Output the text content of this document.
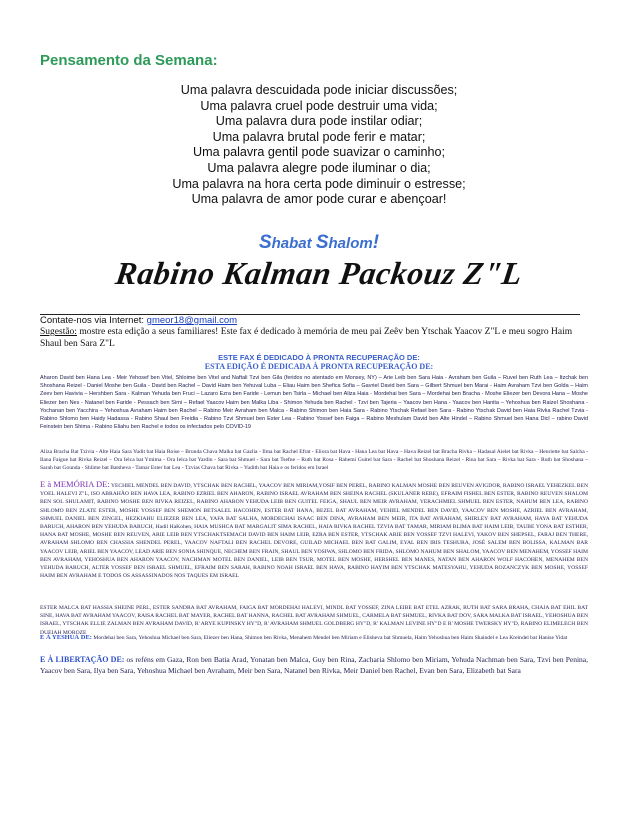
Pensamento da Semana:
Uma palavra descuidada pode iniciar discussões;
Uma palavra cruel pode destruir uma vida;
Uma palavra dura pode instilar odiar;
Uma palavra brutal pode ferir e matar;
Uma palavra gentil pode suavizar o caminho;
Uma palavra alegre pode iluminar o dia;
Uma palavra na hora certa pode diminuir o estresse;
Uma palavra de amor pode curar e abençoar!
Shabat Shalom!
Rabino Kalman Packouz Z"L
Contate-nos via Internet: gmeor18@gmail.com
Sugestão: mostre esta edição a seus familiares! Este fax é dedicado à memória de meu pai Zeêv ben Ytschak Yaacov Z"L e meu sogro Haim Shaul ben Sara Z"L
ESTE FAX É DEDICADO À PRONTA RECUPERAÇÃO DE:
ESTA EDIÇÃO É DEDICADA À PRONTA RECUPERAÇÃO DE:
Aharon David ben Hana Lea - Meir Yehosef ben Vitel, Shloime ben Vitel and Naftali Tzvi ben Gila (feridos no atentado em Monsey, NY) – Arie Leib ben Sara Haia - Avraham ben Guila – Ruvel ben Ruth Lea – Itzchak ben Shoshana Reizel - Daniel Moshe ben Guila - David ben Rachel – David Haim ben Yehuval Luba – Eliau Haim ben Shefica Sofia – Gavriel David ben Sara – Gilbert Shmuel ben Marai - Haim Avraham Tzvi ben Golda – Haim Zeev ben Havivia – Hershben Sara - Kalman Yehuda ben Fruci – Lazaro Ezra ben Faride - Lemun ben Tsirla – Michael ben Aliza Haia - Mordehai ben Sara – Mordehai ben Bracha - Moshe Eliezer ben Devora Hana – Moshe Eliezer ben Nes - Natanel ben Faride - Pessach ben Simi – Refael Yaacov Haim ben Malka Liba - Shimon Yehuda ben Rachel - Tzvi ben Tajeria – Yaacov ben Hana - Yaacov ben Hanita – Yehoshua ben Raizel Shoshana - Yochanan ben Yacchira – Yehoshua Avraham Haim ben Rachel – Rabino Meir Avraham ben Malca - Rabino Shimon ben Haia Sara - Rabino Ytschak Refael ben Sara - Rabino Ytschak David ben Haia Rivka Rachel Tzvia - Rabino Shlomo ben Haidy Hadassa - Rabino Shaul ben Freidia - Rabino Tzvi Shmuel ben Ester Lea - Rabino Yossef ben Faiga – Rabino Meshulam David ben Alte Hindel – Rabino Shmuel ben Hana Dicl – rabino David Feinstein ben Shima - Rabino Eliahu ben Rachel e todos os infectados pelo COVID-19
Aliza Bracha Bat Tzivia - Alte Haia Sara Yudit bat Haia Roise – Brunda Chava Malka bat Gazlia - Ilma bat Rachel Efrat - Eliora bat Hava - Hana Lea bat Hava – Hava Reizel bat Bracha Rivka – Hadasal Aielet bat Rivka – Henriette bat Salcha - Ilana Faigue bat Rivka Reizel – Ora Ielca bat Ymima - Ora Ielca bat Yardin - Sara bat Shmuel - Sara bat Tsefne – Ruth bat Rosa - Rahemi Guitel bat Sara - Rachel bat Shoshana Reizel - Rina bat Sara – Rivka bat Sara - Ruth bat Shoshana – Sarah bat Gounda - Shlime bat Batsheva - Tamar Ester bat Lea - Tzvias Chava bat Rivka – Yudith bat Haia e os feridos em Israel
E à MEMÓRIA DE: YECHIEL MENDEL BEN DAVID, YTSCHAK BEN RACHEL, YAACOV BEN MIRIAM,YOSIF BEN PEREL, RABINO KALMAN MOSHE BEN REUVEN AVIGDOR, RABINO ISRAEL YEHEZKEL BEN YOEL HALEVI Z"L, ISO ABRAHÃO BEN HAVA LEA, RABINO EZRIEL BEN AHARON, RABINO ISRAEL AVRAHAM BEN SHEINA RACHEL (SKULANER REBE), EFRAIM FISHEL BEN ESTER, RABINO REUVEN SHALOM BEN SOL SHULAMIT, RABINO MOSHE BEN RIVKA REIZEL, RABINO AHARON YEHUDA LEIB BEN GUITEL FEIGA, SHAUL BEN MEIR AVRAHAM, YERACHMIEL SHMUEL BEN ESTER, NAHUM BEN LEA, RABINO SHLOMO BEN ZLATE ESTER, MOSHE YOSSEF BEN SHEMON BETSALEL HACOHEN, ESTER BAT HANA, BEZEL BAT AVRAHAM, YEHIEL MENDEL BEN DAVID, YAACOV BEN MOSHE, AZRIEL BEN AVRAHAM, SHMUEL DANIEL BEN ZINGEL, HEZKIAHU ELIEZER BEN LEA, YAFA BAT SALHA, MORDECHAI ISAAC BEN DINA, AVRAHAM BEN MEIR, ITA BAT AVRAHAM, SHIRLEY BAT AVRAHAM, HAYA BAT YEHUDA BARUCH, AHARON BEN YEHUDA BARUCH, Hadil HaKohen, HAIA MUSHCA BAT MARGALIT SIMA RACHEL, HAIA RIVKA RACHEL TZVIA BAT TAMAR, MIRIAM BLIMA BAT HAIM LEIB, TAUBE YONA BAT ESTHER, HANA BAT MOSHE, MOSHE BEN REUVEN, ARIE LEIB BEN YTSCHAKTSEMACH DAVID BEN HAIM LEIB, EZRA BEN ESTER, YTSCHAK ARIE BEN YOSSEF TZVI HALEVI, YAKOV BEN SHEPSEL, FARAJ BEN THERE, AVRAHAM SHLOMO BEN CHASSIA SHENDEL PEREL, YAACOV NAFTALI BEN RACHEL DEVORE, GUILAD MICHAEL BEN BAT GALIM, EYAL BEN IRIS TESHURA, JOSÉ SALEM BEN BOLISSA, KALMAN BAR YAACOV LEIB, ARIEL BEN YAACOV, LEAD ARIE BEN SONIA SHINQUE, NECHEM BEN FRAIN, SHAUL BEN YOSIWA, SHLOMO BEN FRIDA, SHLOMO NAHUM BEN SHALOM, YAACOV BEN MENAHEM, YOSSEF HAIM BEN AVRAHAM, YEHOSHUA BEN AHARON YAACOV, NACHMAN MOTEL BEN DANIEL, LEIB BEN TSUR, MOTEL BEN MOSHE, HERSHEL BEN MANES, NATAN BEN AHARON WOLF HACOHEN, MENAHEM BEN YEHUDA BARUCH, ALTER YOSSEF BEN ISRAEL SHMUEL, EFRAIM BEN SARAH, RABINO NOAH ISRAEL BEN HAVA, RABINO HAYIM BEN YTSCHAK MATESYAHU, YEHUDA ROZANCZYK BEN MOSHE, YOSSEF HAIM BEN AVRAHAM E TODOS OS ASSASSINADOS NOS TAQUES EM ISRAEL
ESTER MALCA BAT HASSIA SHEINE PERL, ESTER SANDRA BAT AVRAHAM, FAIGA BAT MORDEHAI HALEVI, MINDL BAT YOSSEF, ZINA LEIBE BAT ETEL AZRAK, RUTH BAT SARA BRAHA, CHAJA BAT EHIL BAT SINE, HAVA BAT AVRAHAM YAACOV, RAISA RACHEL BAT MAYER, RACHEL BAT HANNA, RACHEL BAT AVRAHAM SHMUEL, CARMELA BAT SHMUEL, RIVKA BAT DOV, SARA MALKA BAT ISRAEL, YEHOSHUA BEN ISRAEL, YTSCHAK ELLIE ZALMAN BEN AVRAHAM DAVID, R' ARYE KUPINSKY HY"D, R' AVRAHAM SHMUEL GOLDBERG HY"D, R' KALMAN LEVINE HY"D E R' MOSHE TWERSKY HY"D, RABINO ELIMELECH BEN DUEIAH MOROZE
E À YESHUÁ DE: Mordehai ben Sara, Yehoshua Michael ben Sara, Eliezer ben Hana, Shimon ben Rivka, Menahem Mendel ben Miriam e Elisheva bat Shmuela, Haim Yehoshua ben Haim Shaindel e Lea Kreindel bat Hanise Yidat
E À LIBERTAÇÃO DE: os reféns em Gaza, Ron ben Batia Arad, Yonatan ben Malca, Guy ben Rina, Zacharia Shlomo ben Miriam, Yehuda Nachman ben Sara, Tzvi ben Penina, Yaacov ben Sara, Ilya ben Sara, Yehoshua Michael ben Avraham, Meir ben Sara, Natanel ben Rivka, Meir Daniel ben Rachel, Evan ben Sara, Elizabeth bat Sara
